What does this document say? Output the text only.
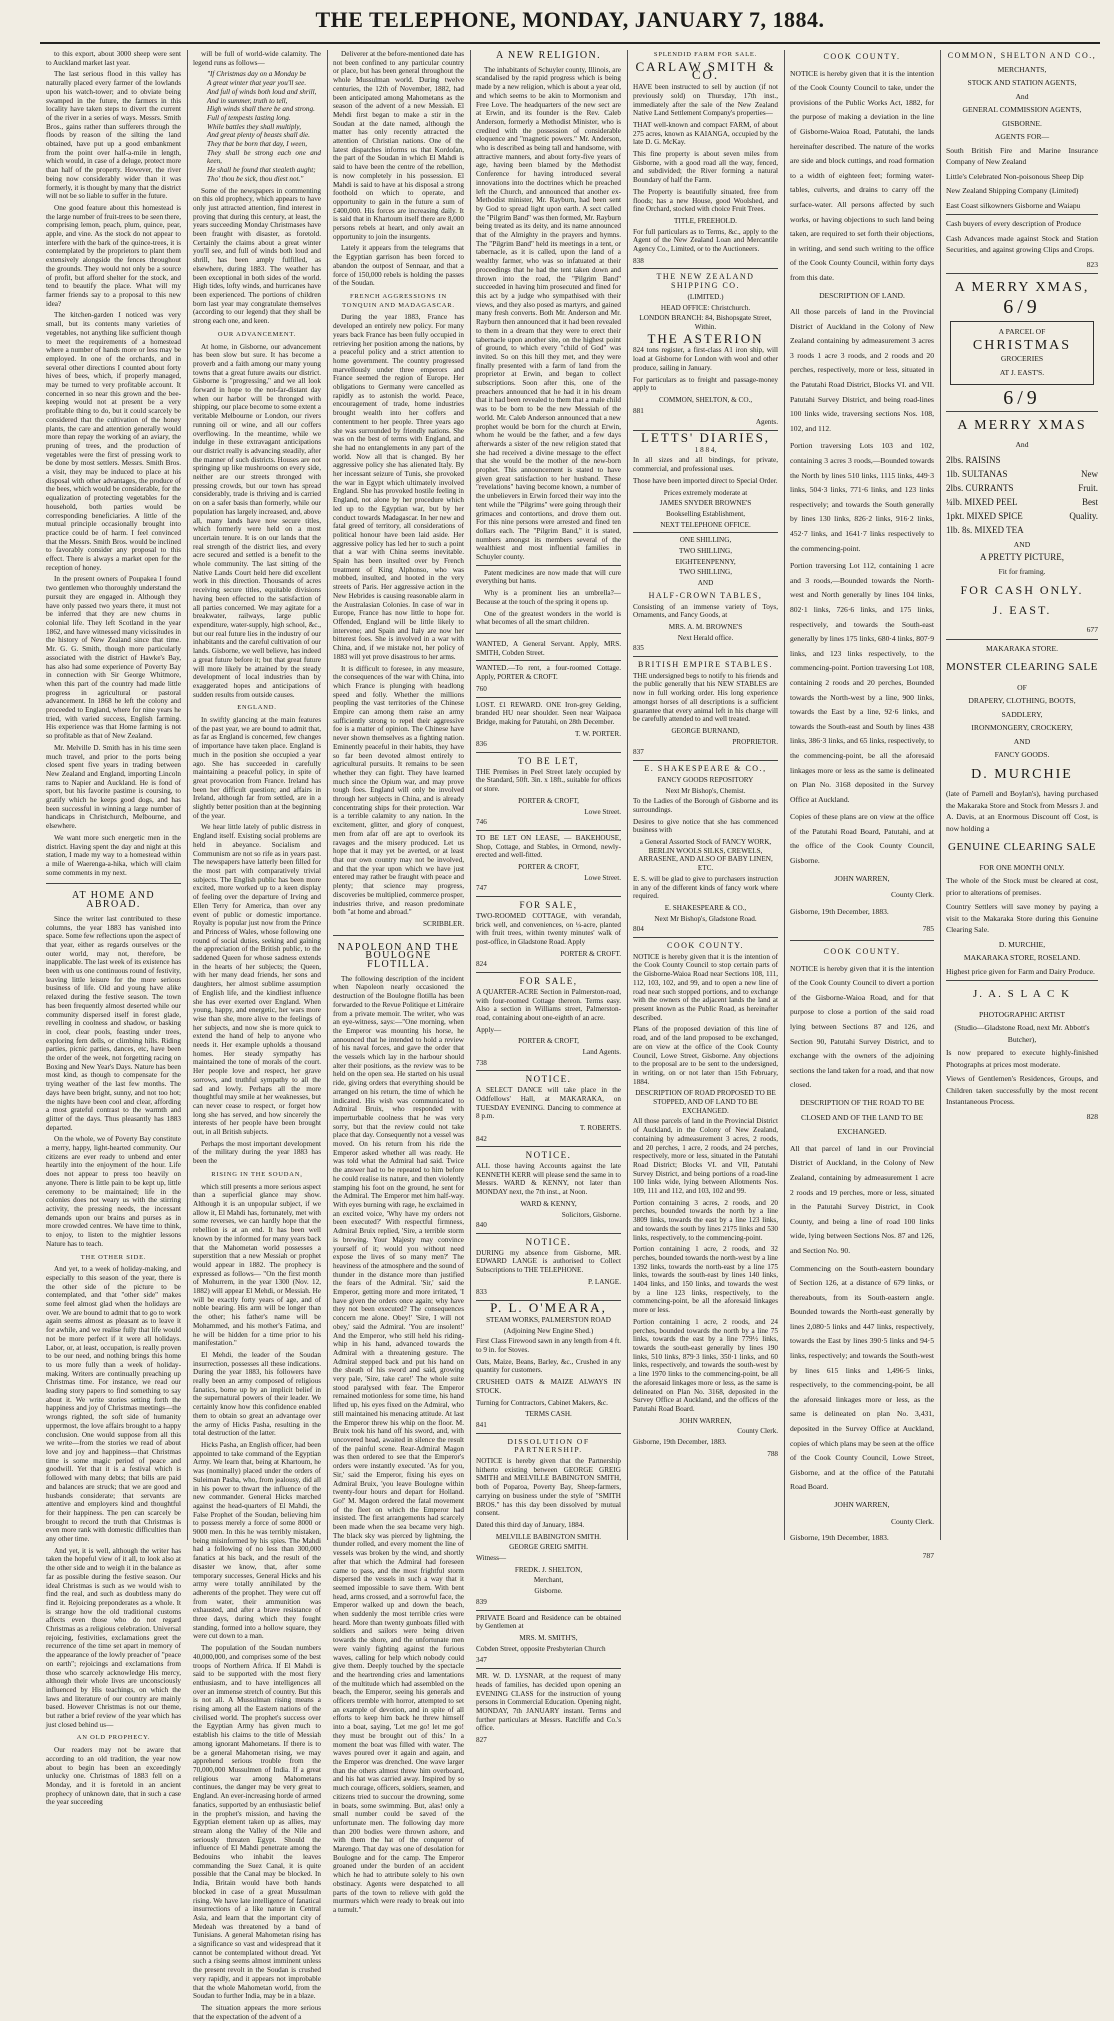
THE TELEPHONE, MONDAY, JANUARY 7, 1884.

to this export, about 3000 sheep were sent to Auckland market last year.

The last serious flood in this valley has naturally placed every farmer of the lowlands upon his watch-tower; and to obviate being swamped in the future, the farmers in this locality have taken steps to divert the current of the river in a series of ways. Messrs. Smith Bros., gains rather than sufferers through the floods by reason of the silting the land obtained, have put up a good embankment from the point over half-a-mile in length, which would, in case of a deluge, protect more than half of the property. However, the river being now considerably wider than it was formerly, it is thought by many that the district will not be so liable to suffer in the future.

One good feature about this homestead is the large number of fruit-trees to be seen there, comprising lemon, peach, plum, quince, pear, apple, and vine. As the stock do not appear to interfere with the bark of the quince-trees, it is contemplated by the proprietors to plant them extensively alongside the fences throughout the grounds. They would not only be a source of profit, but afford shelter for the stock, and tend to beautify the place. What will my farmer friends say to a proposal to this new idea?

The kitchen-garden I noticed was very small, but its contents many varieties of vegetables, not anything like sufficient though to meet the requirements of a homestead where a number of hands more or less may be employed. In one of the orchards, and in several other directions I counted about forty hives of bees, which, if properly managed, may be turned to very profitable account. It concerned in so near this grown and the bee-keeping would not at present be a very profitable thing to do, but it could scarcely be considered that the cultivation of the honey plants, the care and attention generally would more than repay the working of an aviary, the pruning of trees, and the production of vegetables were the first of pressing work to be done by most settlers. Messrs. Smith Bros. a visit, they may be induced to place at his disposal with other advantages, the produce of the bees, which would be considerable, for the equalization of protecting vegetables for the household, both parties would be corresponding beneficiaries. A little of the mutual principle occasionally brought into practice could be of harm. I feel convinced that the Messrs. Smith Bros. would be inclined to favorably consider any proposal to this effect. There is always a market open for the reception of honey.

In the present owners of Poupakea I found two gentlemen who thoroughly understand the pursuit they are engaged in. Although they have only passed two years there, it must not be inferred that they are new chums in colonial life. They left Scotland in the year 1862, and have witnessed many vicissitudes in the history of New Zealand since that time. Mr. G. G. Smith, though more particularly associated with the district of Hawke's Bay, has also had some experience of Poverty Bay in connection with Sir George Whitmore, when this part of the country had made little progress in agricultural or pastoral advancement. In 1868 he left the colony and proceeded to England, where for nine years he tried, with varied success, English farming. His experience was that Home farming is not so profitable as that of New Zealand.

Mr. Melville D. Smith has in his time seen much travel, and prior to the ports being closed spent five years in trading between New Zealand and England, importing Lincoln rams to Napier and Auckland. He is fond of sport, but his favorite pastime is coursing, to gratify which he keeps good dogs, and has been successful in winning a large number of handicaps in Christchurch, Melbourne, and elsewhere.

We want more such energetic men in the district. Having spent the day and night at this station, I made my way to a homestead within a mile of Waerenga-a-hika, which will claim some comments in my next.

AT HOME AND ABROAD.

Since the writer last contributed to these columns, the year 1883 has vanished into space. Some few reflections upon the aspect of that year, either as regards ourselves or the outer world, may not, therefore, be inapplicable. The last week of its existence has been with us one continuous round of festivity, leaving little leisure for the more serious business of life. Old and young have alike relaxed during the festive season. The town has been frequently almost deserted while our community dispersed itself in forest glade, revelling in coolness and shadow, or basking in cool, clear pools, feasting under trees, exploring fern dells, or climbing hills. Riding parties, picnic parties, dances, etc, have been the order of the week, not forgetting racing on Boxing and New Year's Days. Nature has been most kind, as though to compensate for the trying weather of the last few months. The days have been bright, sunny, and not too hot; the nights have been cool and clear, affording a most grateful contrast to the warmth and glitter of the days. Thus pleasantly has 1883 departed.

On the whole, we of Poverty Bay constitute a merry, happy, light-hearted community. Our citizens are ever ready to unbend and enter heartily into the enjoyment of the hour. Life does not appear to press too heavily on anyone. There is little pain to be kept up, little ceremony to be maintained; life in the colonies does not weary us with the stirring activity, the pressing needs, the incessant demands upon our brains and purses as in more crowded centres. We have time to think, to enjoy, to listen to the mightier lessons Nature has to teach.

THE OTHER SIDE.

And yet, to a week of holiday-making, and especially to this season of the year, there is the other side of the picture to be contemplated, and that "other side" makes some feel almost glad when the holidays are over. We are bound to admit that to go to work again seems almost as pleasant as to leave it for awhile, and we realise fully that life would not be more perfect if it were all holidays. Labor, or, at least, occupation, is really proven to be our need, and nothing brings this home to us more fully than a week of holiday-making. Writers are continually preaching up Christmas time. For instance, we read our leading story papers to find something to say about it. We write stories setting forth the happiness and joy of Christmas meetings—the wrongs righted, the soft side of humanity uppermost, the love affairs brought to a happy conclusion. One would suppose from all this we write—from the stories we read of about love and joy and happiness—that Christmas time is some magic period of peace and goodwill. Yet that it is a festival which is followed with many debts; that bills are paid and balances are struck; that we are good and husbands considerate; that servants are attentive and employers kind and thoughtful for their happiness. The pen can scarcely be brought to record the truth that Christmas is even more rank with domestic difficulties than any other time.

And yet, it is well, although the writer has taken the hopeful view of it all, to look also at the other side and to weigh it in the balance as far as possible during the festive season. Our ideal Christmas is such as we would wish to find the real, and such as doubtless many do find it. Rejoicing preponderates as a whole. It is strange how the old traditional customs affects even those who do not regard Christmas as a religious celebration. Universal rejoicing, festivities, exclamations greet the recurrence of the time set apart in memory of the appearance of the lowly preacher of "peace on earth"; rejoicings and exclamations from those who scarcely acknowledge His mercy, although their whole lives are unconsciously influenced by His teachings, on which the laws and literature of our country are mainly based. However Christmas is not our theme, but rather a brief review of the year which has just closed behind us—

AN OLD PROPHECY.

Our readers may not be aware that according to an old tradition, the year now about to begin has been an exceedingly unlucky one. Christmas of 1883 fell on a Monday, and it is foretold in an ancient prophecy of unknown date, that in such a case the year succeeding

will be full of world-wide calamity. The legend runs as follows—

"If Christmas day on a Monday be
A great winter that year you'll see.
And full of winds both loud and shrill,
And in summer, truth to tell,
High winds shall there be and strong.
Full of tempests lasting long.
While battles they shall multiply,
And great plenty of beasts shall die.
They that be born that day, I ween,
They shall be strong each one and keen,
He shall be found that stealeth aught;
Tho' thou be sick, thou diest not."

Some of the newspapers in commenting on this old prophecy, which appears to have only just attracted attention, find interest in proving that during this century, at least, the years succeeding Monday Christmases have been fraught with disaster, as foretold. Certainly the claims about a great winter you'll see, and full of winds both loud and shrill, has been amply fulfilled, as elsewhere, during 1883. The weather has been exceptional in both sides of the world. High tides, lofty winds, and hurricanes have been experienced. The portions of children born last year may congratulate themselves (according to our legend) that they shall be strong each one, and keen.

OUR ADVANCEMENT.

At home, in Gisborne, our advancement has been slow but sure. It has become a proverb and a faith among our many young towns that a great future awaits our district. Gisborne is "progressing," and we all look forward in hope to the not-far-distant day when our harbor will be thronged with shipping, our place become to some extent a veritable Melbourne or London, our rivers running oil or wine, and all our coffers overflowing. In the meantime, while we indulge in these extravagant anticipations our district really is advancing steadily, after the manner of such districts. Houses are not springing up like mushrooms on every side, neither are our streets thronged with pressing crowds, but our town has spread considerably, trade is thriving and is carried on on a safer basis than formerly, while our population has largely increased, and, above all, many lands have now secure titles, which formerly were held on a most uncertain tenure. It is on our lands that the real strength of the district lies, and every acre secured and settled is a benefit to the whole community. The last sitting of the Native Lands Court held here did excellent work in this direction. Thousands of acres receiving secure titles, equitable divisions having been effected to the satisfaction of all parties concerned. We may agitate for a breakwater, railways, large public expenditure, water-supply, high school, &c., but our real future lies in the industry of our inhabitants and the careful cultivation of our lands. Gisborne, we well believe, has indeed a great future before it; but that great future will more likely be attained by the steady development of local industries than by exaggerated hopes and anticipations of sudden results from outside causes.

ENGLAND.

In swiftly glancing at the main features of the past year, we are bound to admit that, as far as England is concerned, few changes of importance have taken place. England is much in the position she occupied a year ago. She has succeeded in carefully maintaining a peaceful policy, in spite of great provocation from France. Ireland has been her difficult question; and affairs in Ireland, although far from settled, are in a slightly better position than at the beginning of the year.

We hear little lately of public distress in England itself. Existing social problems are held in abeyance. Socialism and Communism are not so rife as in years past. The newspapers have latterly been filled for the most part with comparatively trivial subjects. The English public has been more excited, more worked up to a keen display of feeling over the departure of Irving and Ellen Terry for America, than over any event of public or domestic importance. Royalty is popular just now from the Prince and Princess of Wales, whose following one round of social duties, seeking and gaining the appreciation of the British public, to the saddened Queen for whose sadness extends in the hearts of her subjects; the Queen, with her many dead friends, her sons and daughters, her almost sublime assumption of English life, and the kindliest influence she has ever exerted over England. When young, happy, and energetic, her wars more wise than she, more alive to the feelings of her subjects, and now she is more quick to extend the hand of help to anyone who needs it. Her example upholds a thousand homes. Her steady sympathy has maintained the tone of morals of the court. Her people love and respect, her grave sorrows, and truthful sympathy to all the sad and lowly. Perhaps all the more thoughtful may smile at her weaknesses, but can never cease to respect, or forget how long she has served, and how sincerely the interests of her people have been brought out, in all British subjects.

Perhaps the most important development of the military during the year 1883 has been the

RISING IN THE SOUDAN,

which still presents a more serious aspect than a superficial glance may show. Although it is an unpopular subject, if we allow it, El Mahdi has, fortunately, met with some reverses, we can hardly hope that the rebellion is at an end. It has been well known by the informed for many years back that the Mahometan world possesses a superstition that a new Messiah or prophet would appear in 1882. The prophecy is expressed as follows— "On the first month of Mohurrem, in the year 1300 (Nov. 12, 1882) will appear El Mehdi, or Messiah. He will be exactly forty years of age, and of noble bearing. His arm will be longer than the other; his father's name will be Mohammed, and his mother's Fatima, and he will be hidden for a time prior to his manifestation."

El Mehdi, the leader of the Soudan insurrection, possesses all these indications. During the year 1883, his followers have really been an army composed of religious fanatics, borne up by an implicit belief in the supernatural powers of their leader. We certainly know how this confidence enabled them to obtain so great an advantage over the army of Hicks Pasha, resulting in the total destruction of the latter.

Hicks Pasha, an English officer, had been appointed to take command of the Egyptian Army. We learn that, being at Khartoum, he was (nominally) placed under the orders of Suleiman Pasha, who, from jealousy, did all in his power to thwart the influence of the new commander. General Hicks marched against the head-quarters of El Mahdi, the False Prophet of the Soudan, believing him to possess merely a force of some 8000 or 9000 men. In this he was terribly mistaken, being misinformed by his spies. The Mahdi had a following of no less than 300,000 fanatics at his back, and the result of the disaster we know, that, after some temporary successes, General Hicks and his army were totally annihilated by the adherents of the prophet. They were cut off from water, their ammunition was exhausted, and after a brave resistance of three days, during which they fought standing, formed into a hollow square, they were cut down to a man.

The population of the Soudan numbers 40,000,000, and comprises some of the best troops of Northern Africa. If El Mahdi is said to be supported with the most fiery enthusiasm, and to have intelligences all over an immense stretch of country. But this is not all. A Mussulman rising means a rising among all the Eastern nations of the civilised world. The prophet's success over the Egyptian Army has given much to establish his claims to the title of Messiah among ignorant Mahometans. If there is to be a general Mahometan rising, we may apprehend serious trouble from the 70,000,000 Mussulmen of India. If a great religious war among Mahometans continues, the danger may be very great to England. An ever-increasing horde of armed fanatics, supported by an enthusiastic belief in the prophet's mission, and having the Egyptian element taken up as allies, may stream along the Valley of the Nile and seriously threaten Egypt. Should the influence of El Mahdi penetrate among the Bedouins who inhabit the leaves commanding the Suez Canal, it is quite possible that the Canal may be blocked. In India, Britain would have both hands blocked in case of a great Mussulman rising. We have late intelligence of fanatical insurrections of a like nature in Central Asia, and learn that the important city of Medeah was threatened by a band of Tunisians. A general Mahometan rising has a significance so vast and widespread that it cannot be contemplated without dread. Yet such a rising seems almost imminent unless the present revolt in the Soudan is crushed very rapidly, and it appears not improbable that the whole Mahometan world, from the Soudan to further India, may be in a blaze.

The situation appears the more serious that the expectation of the advent of a

Deliverer at the before-mentioned date has not been confined to any particular country or place, but has been general throughout the whole Mussulman world. During twelve centuries, the 12th of November, 1882, had been anticipated among Mahometans as the season of the advent of a new Messiah. El Mehdi first began to make a stir in the Soudan at the date named, although the matter has only recently attracted the attention of Christian nations. One of the latest dispatches informs us that Kordofan, the part of the Soudan in which El Mahdi is said to have been the centre of the rebellion, is now completely in his possession. El Mahdi is said to have at his disposal a strong foothold on which to operate, and opportunity to gain in the future a sum of £400,000. His forces are increasing daily. It is said that in Khartoum itself there are 8,000 persons rebels at heart, and only await an opportunity to join the insurgents.

Lately it appears from the telegrams that the Egyptian garrison has been forced to abandon the outpost of Sennaar, and that a force of 150,000 rebels is holding the passes of the Soudan.

FRENCH AGGRESSIONS IN TONQUIN AND MADAGASCAR.

During the year 1883, France has developed an entirely new policy. For many years back France has been fully occupied in retrieving her position among the nations, by a peaceful policy and a strict attention to home government. The country progressed marvellously under three emperors and France seemed the region of Europe. Her obligations to Germany were cancelled as rapidly as to astonish the world. Peace, encouragement of trade, home industries brought wealth into her coffers and contentment to her people. Three years ago she was surrounded by friendly nations. She was on the best of terms with England, and she had no entanglements in any part of the world. Now all that is changed. By her aggressive policy she has alienated Italy. By her incessant seizure of Tunis, she provoked the war in Egypt which ultimately involved England. She has provoked hostile feeling in England, not alone by her procedure which led up to the Egyptian war, but by her conduct towards Madagascar. In her new and fatal greed of territory, all considerations of political honour have been laid aside. Her aggressive policy has led her to such a point that a war with China seems inevitable. Spain has been insulted over by French treatment of King Alphonso, who was mobbed, insulted, and hooted in the very streets of Paris. Her aggressive action in the New Hebrides is causing reasonable alarm in the Australasian Colonies. In case of war in Europe, France has now little to hope for. Offended, England will be little likely to intervene; and Spain and Italy are now her bitterest foes. She is involved in a war with China, and, if we mistake not, her policy of 1883 will yet prove disastrous to her arms.

It is difficult to foresee, in any measure, the consequences of the war with China, into which France is plunging with headlong speed and folly. Whether the millions peopling the vast territories of the Chinese Empire can among them raise an army sufficiently strong to repel their aggressive foe is a matter of opinion. The Chinese have never shown themselves as a fighting nation. Eminently peaceful in their habits, they have so far been devoted almost entirely to agricultural pursuits. It remains to be seen whether they can fight. They have learned much since the Opium war, and may prove tough foes. England will only be involved through her subjects in China, and is already concentrating ships for their protection. War is a terrible calamity to any nation. In the excitement, glitter, and glory of conquest, men from afar off are apt to overlook its ravages and the misery produced. Let us hope that it may yet be averted, or at least that our own country may not be involved, and that the year upon which we have just entered may rather be fraught with peace and plenty; that science may progress, discoveries be multiplied, commerce prosper, industries thrive, and reason predominate both "at home and abroad."

SCRIBBLER.

NAPOLEON AND THE BOULOGNE FLOTILLA.

The following description of the incident when Napoleon nearly occasioned the destruction of the Boulogne flotilla has been forwarded to the Revue Politique et Littéraire from a private memoir. The writer, who was an eye-witness, says:—"One morning, when the Emperor was mounting his horse, he announced that he intended to hold a review of his naval forces, and gave the order that the vessels which lay in the harbour should alter their positions, as the review was to be held on the open sea. He started on his usual ride, giving orders that everything should be arranged on his return, the time of which he indicated. His wish was communicated to Admiral Bruix, who responded with imperturbable coolness that he was very sorry, but that the review could not take place that day. Consequently not a vessel was moved. On his return from his ride the Emperor asked whether all was ready. He was told what the Admiral had said. Twice the answer had to be repeated to him before he could realise its nature, and then violently stamping his foot on the ground, he sent for the Admiral. The Emperor met him half-way. With eyes burning with rage, he exclaimed in an excited voice, 'Why have my orders not been executed?' With respectful firmness, Admiral Bruix replied, 'Sire, a terrible storm is brewing. Your Majesty may convince yourself of it; would you without need expose the lives of so many men?' The heaviness of the atmosphere and the sound of thunder in the distance more than justified the fears of the Admiral. 'Sir,' said the Emperor, getting more and more irritated, 'I have given the orders once again; why have they not been executed? The consequences concern me alone. Obey!' 'Sire, I will not obey,' said the Admiral. 'You are insolent!' And the Emperor, who still held his riding-whip in his hand, advanced towards the Admiral with a threatening gesture. The Admiral stepped back and put his hand on the sheath of his sword and said, growing very pale, 'Sire, take care!' The whole suite stood paralysed with fear. The Emperor remained motionless for some time, his hand lifted up, his eyes fixed on the Admiral, who still maintained his menacing attitude. At last the Emperor threw his whip on the floor. M. Bruix took his hand off his sword, and, with uncovered head, awaited in silence the result of the painful scene. Rear-Admiral Magon was then ordered to see that the Emperor's orders were instantly executed. 'As for you, Sir,' said the Emperor, fixing his eyes on Admiral Bruix, 'you leave Boulogne within twenty-four hours and depart for Holland. Go!' M. Magon ordered the fatal movement of the fleet on which the Emperor had insisted. The first arrangements had scarcely been made when the sea became very high. The black sky was pierced by lightning, the thunder rolled, and every moment the line of vessels was broken by the wind, and shortly after that which the Admiral had foreseen came to pass, and the most frightful storm dispersed the vessels in such a way that it seemed impossible to save them. With bent head, arms crossed, and a sorrowful face, the Emperor walked up and down the beach, when suddenly the most terrible cries were heard. More than twenty gunboats filled with soldiers and sailors were being driven towards the shore, and the unfortunate men were vainly fighting against the furious waves, calling for help which nobody could give them. Deeply touched by the spectacle and the heartrending cries and lamentations of the multitude which had assembled on the beach, the Emperor, seeing his generals and officers tremble with horror, attempted to set an example of devotion, and in spite of all efforts to keep him back he threw himself into a boat, saying, 'Let me go! let me go! they must be brought out of this.' In a moment the boat was filled with water. The waves poured over it again and again, and the Emperor was drenched. One wave larger than the others almost threw him overboard, and his hat was carried away. Inspired by so much courage, officers, soldiers, seamen, and citizens tried to succour the drowning, some in boats, some swimming. But, alas! only a small number could be saved of the unfortunate men. The following day more than 200 bodies were thrown ashore, and with them the hat of the conqueror of Marengo. That day was one of desolation for Boulogne and for the camp. The Emperor groaned under the burden of an accident which he had to attribute solely to his own obstinacy. Agents were despatched to all parts of the town to relieve with gold the murmurs which were ready to break out into a tumult."

A NEW RELIGION.

The inhabitants of Schuyler county, Illinois, are scandalised by the rapid progress which is being made by a new religion, which is about a year old, and which seems to be akin to Mormonism and Free Love. The headquarters of the new sect are at Erwin, and its founder is the Rev. Caleb Anderson, formerly a Methodist Minister, who is credited with the possession of considerable eloquence and "magnetic powers." Mr. Anderson, who is described as being tall and handsome, with attractive manners, and about forty-five years of age, having been blamed by the Methodist Conference for having introduced several innovations into the doctrines which he preached left the Church, and announced that another ex-Methodist minister, Mr. Rayburn, had been sent by God to spread light upon earth. A sect called the "Pilgrim Band" was then formed, Mr. Rayburn being treated as its deity, and its name announced that of the Almighty in the prayers and hymns. The "Pilgrim Band" held its meetings in a tent, or tabernacle, as it is called, upon the land of a wealthy farmer, who was so infatuated at their proceedings that he had the tent taken down and thrown into the road, the "Pilgrim Band" succeeded in having him prosecuted and fined for this act by a judge who sympathised with their views, and they also posed as martyrs, and gained many fresh converts. Both Mr. Anderson and Mr. Rayburn then announced that it had been revealed to them in a dream that they were to erect their tabernacle upon another site, on the highest point of ground, to which every "child of God" was invited. So on this hill they met, and they were finally presented with a farm of land from the proprietor at Erwin, and began to collect subscriptions. Soon after this, one of the preachers announced that he had it in his dream that it had been revealed to them that a male child was to be born to be the new Messiah of the world. Mr. Caleb Anderson announced that a new prophet would be born for the church at Erwin, whom he would be the father, and a few days afterwards a sister of the new religion stated that she had received a divine message to the effect that she would be the mother of the new-born prophet. This announcement is stated to have given great satisfaction to her husband. These "revelations" having become known, a number of the unbelievers in Erwin forced their way into the tent while the "Pilgrims" were going through their grimaces and contortions, and drove them out. For this nine persons were arrested and fined ten dollars each. The "Pilgrim Band," it is stated, numbers amongst its members several of the wealthiest and most influential families in Schuyler county.

Patent medicines are now made that will cure everything but hams.

Why is a prominent lies an umbrella?—Because at the touch of the spring it opens up.

One of the greatest wonders in the world is what becomes of all the smart children.

WANTED, A General Servant. Apply, MRS. SMITH, Cobden Street.

WANTED.—To rent, a four-roomed Cottage. Apply, PORTER & CROFT.

760

LOST. £1 REWARD. ONE Iron-grey Gelding, branded HU near shoulder. Seen near Waipaoa Bridge, making for Patutahi, on 28th December.

T. W. PORTER.

836

TO BE LET,

THE Premises in Peel Street lately occupied by the Standard, 50ft. 3in. x 18ft., suitable for offices or store.

PORTER & CROFT,

Lowe Street.

746

TO BE LET ON LEASE, — BAKEHOUSE, Shop, Cottage, and Stables, in Ormond, newly-erected and well-fitted.

PORTER & CROFT,

Lowe Street.

747

FOR SALE,

TWO-ROOMED COTTAGE, with verandah, brick well, and conveniences, on ¼-acre, planted with fruit trees, within twenty minutes' walk of post-office, in Gladstone Road. Apply

PORTER & CROFT.

824

FOR SALE,

A QUARTER-ACRE Section in Palmerston-road, with four-roomed Cottage thereon. Terms easy. Also a section in Williams street, Palmerston-road, containing about one-eighth of an acre.

Apply—

PORTER & CROFT,

Land Agents.

738

NOTICE.

A SELECT DANCE will take place in the Oddfellows' Hall, at MAKARAKA, on TUESDAY EVENING. Dancing to commence at 8 p.m.

T. ROBERTS.

842

NOTICE.

ALL those having Accounts against the late KENNETH KERR will please send the same in to Messrs. WARD & KENNY, not later than MONDAY next, the 7th inst., at Noon.

WARD & KENNY,

Solicitors, Gisborne.

840

NOTICE.

DURING my absence from Gisborne, MR. EDWARD LANGE is authorised to Collect Subscriptions to THE TELEPHONE.

P. LANGE.

833

P. L. O'MEARA,

STEAM WORKS, PALMERSTON ROAD

(Adjoining New Engine Shed.)

First Class Firewood sawn in any length from 4 ft. to 9 in. for Stoves.

Oats, Maize, Beans, Barley, &c., Crushed in any quantity for customers.

CRUSHED OATS & MAIZE ALWAYS IN STOCK.

Turning for Contractors, Cabinet Makers, &c.

TERMS CASH.

841

DISSOLUTION OF PARTNERSHIP.

NOTICE is hereby given that the Partnership hitherto existing between GEORGE GREIG SMITH and MELVILLE BABINGTON SMITH, both of Poparoa, Poverty Bay, Sheep-farmers, carrying on business under the style of "SMITH BROS." has this day been dissolved by mutual consent.

Dated this third day of January, 1884.

MELVILLE BABINGTON SMITH.

GEORGE GREIG SMITH.

Witness—

FREDK. J. SHELTON,

Merchant,

Gisborne.

839

PRIVATE Board and Residence can be obtained by Gentlemen at

MRS. M. SMITH'S,

Cobden Street, opposite Presbyterian Church

347

MR. W. D. LYSNAR, at the request of many heads of families, has decided upon opening an EVENING CLASS for the instruction of young persons in Commercial Education. Opening night, MONDAY, 7th JANUARY instant. Terms and further particulars at Messrs. Ratcliffe and Co.'s office.

827

SPLENDID FARM FOR SALE.
CARLAW SMITH & CO.

HAVE been instructed to sell by auction (if not previously sold) on Thursday, 17th inst., immediately after the sale of the New Zealand Native Land Settlement Company's properties—

THAT well-known and compact FARM, of about 275 acres, known as KAIANGA, occupied by the late D. G. McKay.

This fine property is about seven miles from Gisborne, with a good road all the way, fenced, and subdivided; the River forming a natural Boundary of half the Farm.

The Property is beautifully situated, free from floods; has a new House, good Woolshed, and fine Orchard, stocked with choice Fruit Trees.

TITLE, FREEHOLD.

For full particulars as to Terms, &c., apply to the Agent of the New Zealand Loan and Mercantile Agency Co., Limited, or to the Auctioneers.

838

THE NEW ZEALAND SHIPPING CO.

(LIMITED.)

HEAD OFFICE: Christchurch.

LONDON BRANCH: 84, Bishopsgate Street, Within.

THE ASTERION

824 tons register, a first-class A1 iron ship, will load at Gisborne for London with wool and other produce, sailing in January.

For particulars as to freight and passage-money apply to

COMMON, SHELTON, & CO.,

881

Agents.

LETTS' DIARIES,

1 8 8 4,

In all sizes and all bindings, for private, commercial, and professional uses.

Those have been imported direct to Special Order.

Prices extremely moderate at

JAMES SNYDER BROWNE'S

Bookselling Establishment,

NEXT TELEPHONE OFFICE.

ONE SHILLING,

TWO SHILLING,

EIGHTEENPENNY,

TWO SHILLING,

AND

HALF-CROWN TABLES,

Consisting of an immense variety of Toys, Ornaments, and Fancy Goods, at

MRS. A. M. BROWNE'S

Next Herald office.

835

BRITISH EMPIRE STABLES.

THE undersigned begs to notify to his friends and the public generally that his NEW STABLES are now in full working order. His long experience amongst horses of all descriptions is a sufficient guarantee that every animal left in his charge will be carefully attended to and well treated.

GEORGE BURNAND,

PROPRIETOR.

837

E. SHAKESPEARE & CO.,

FANCY GOODS REPOSITORY

Next Mr Bishop's, Chemist.

To the Ladies of the Borough of Gisborne and its surroundings.

Desires to give notice that she has commenced business with

a General Assorted Stock of FANCY WORK, BERLIN WOOLS SILKS, CREWELS, ARRASENE, AND ALSO OF BABY LINEN, ETC.

E. S. will be glad to give to purchasers instruction in any of the different kinds of fancy work where required.

E. SHAKESPEARE & CO.,

Next Mr Bishop's, Gladstone Road.

804

COOK COUNTY.

NOTICE is hereby given that it is the intention of the Cook County Council to stop certain parts of the Gisborne-Waioa Road near Sections 108, 111, 112, 103, 102, and 99, and to open a new line of road near such stopped portions, and to exchange with the owners of the adjacent lands the land at present known as the Public Road, as hereinafter described.

Plans of the proposed deviation of this line of road, and of the land proposed to be exchanged, are on view at the office of the Cook County Council, Lowe Street, Gisborne. Any objections to the proposal are to be sent to the undersigned, in writing, on or not later than 15th February, 1884.

DESCRIPTION OF ROAD PROPOSED TO BE STOPPED, AND OF LAND TO BE EXCHANGED.

All those parcels of land in the Provincial District of Auckland, in the Colony of New Zealand, containing by admeasurement 3 acres, 2 roods, and 20 perches, 1 acre, 2 roods, and 24 perches, respectively, more or less, situated in the Patutahi Road District; Blocks VI. and VII, Patutahi Survey District, and being portions of a road-line 100 links wide, lying between Allotments Nos. 109, 111 and 112, and 103, 102 and 99.

Portion containing 3 acres, 2 roods, and 20 perches, bounded towards the north by a line 3809 links, towards the east by a line 123 links, and towards the south by lines 2175 links and 530 links, respectively, to the commencing-point.

Portion containing 1 acre, 2 roods, and 32 perches, bounded towards the north-west by a line 1392 links, towards the north-east by a line 175 links, towards the south-east by lines 140 links, 1404 links, and 150 links, and towards the west by a line 123 links, respectively, to the commencing-point, be all the aforesaid linkages more or less.

Portion containing 1 acre, 2 roods, and 24 perches, bounded towards the north by a line 75 links, towards the east by a line 779½ links, towards the south-east generally by lines 190 links, 510 links, 879·3 links, 350·1 links, and 60 links, respectively, and towards the south-west by a line 1970 links to the commencing-point, be all the aforesaid linkages more or less, as the same is delineated on Plan No. 3168, deposited in the Survey Office at Auckland, and the offices of the Patutahi Road Board.

JOHN WARREN,

County Clerk.

Gisborne, 19th December, 1883.

788

COOK COUNTY.

NOTICE is hereby given that it is the intention of the Cook County Council to take, under the provisions of the Public Works Act, 1882, for the purpose of making a deviation in the line of Gisborne-Waioa Road, Patutahi, the lands hereinafter described. The nature of the works are side and block cuttings, and road formation to a width of eighteen feet; forming water-tables, culverts, and drains to carry off the surface-water. All persons affected by such works, or having objections to such land being taken, are required to set forth their objections, in writing, and send such writing to the office of the Cook County Council, within forty days from this date.

DESCRIPTION OF LAND.

All those parcels of land in the Provincial District of Auckland in the Colony of New Zealand containing by admeasurement 3 acres 3 roods 1 acre 3 roods, and 2 roods and 20 perches, respectively, more or less, situated in the Patutahi Road District, Blocks VI. and VII. Patutahi Survey District, and being road-lines 100 links wide, traversing sections Nos. 108, 102, and 112.

Portion traversing Lots 103 and 102, containing 3 acres 3 roods,—Bounded towards the North by lines 510 links, 1115 links, 449·3 links, 504·3 links, 771·6 links, and 123 links respectively; and towards the South generally by lines 130 links, 826·2 links, 916·2 links, 452·7 links, and 1641·7 links respectively to the commencing-point.

Portion traversing Lot 112, containing 1 acre and 3 roods,—Bounded towards the North-west and North generally by lines 104 links, 802·1 links, 726·6 links, and 175 links, respectively, and towards the South-east generally by lines 175 links, 680·4 links, 807·9 links, and 123 links respectively, to the commencing-point. Portion traversing Lot 108, containing 2 roods and 20 perches, Bounded towards the North-west by a line, 900 links, towards the East by a line, 92·6 links, and towards the South-east and South by lines 438 links, 386·3 links, and 65 links, respectively, to the commencing-point, be all the aforesaid linkages more or less as the same is delineated on Plan No. 3168 deposited in the Survey Office at Auckland.

Copies of these plans are on view at the office of the Patutahi Road Board, Patutahi, and at the office of the Cook County Council, Gisborne.

JOHN WARREN,

County Clerk.

Gisborne, 19th December, 1883.

785

COOK COUNTY.

NOTICE is hereby given that it is the intention of the Cook County Council to divert a portion of the Gisborne-Waioa Road, and for that purpose to close a portion of the said road lying between Sections 87 and 126, and Section 90, Patutahi Survey District, and to exchange with the owners of the adjoining sections the land taken for a road, and that now closed.

DESCRIPTION OF THE ROAD TO BE CLOSED AND OF THE LAND TO BE EXCHANGED.

All that parcel of land in our Provincial District of Auckland, in the Colony of New Zealand, containing by admeasurement 1 acre 2 roods and 19 perches, more or less, situated in the Patutahi Survey District, in Cook County, and being a line of road 100 links wide, lying between Sections Nos. 87 and 126, and Section No. 90.

Commencing on the South-eastern boundary of Section 126, at a distance of 679 links, or thereabouts, from its South-eastern angle. Bounded towards the North-east generally by lines 2,080·5 links and 447 links, respectively, towards the East by lines 390·5 links and 94·5 links, respectively; and towards the South-west by lines 615 links and 1,496·5 links, respectively, to the commencing-point, be all the aforesaid linkages more or less, as the same is delineated on plan No. 3,431, deposited in the Survey Office at Auckland, copies of which plans may be seen at the office of the Cook County Council, Lowe Street, Gisborne, and at the office of the Patutahi Road Board.

JOHN WARREN,

County Clerk.

Gisborne, 19th December, 1883.

787

COMMON, SHELTON AND CO.,

MERCHANTS,

STOCK AND STATION AGENTS,

And

GENERAL COMMISSION AGENTS,

GISBORNE.

AGENTS FOR—

South British Fire and Marine Insurance Company of New Zealand

Little's Celebrated Non-poisonous Sheep Dip

New Zealand Shipping Company (Limited)

East Coast silkowners Gisborne and Waiapu

Cash buyers of every description of Produce

Cash Advances made against Stock and Station Securities, and against growing Clips and Crops.

823

A MERRY XMAS,
6/9
A PARCEL OF
CHRISTMAS
GROCERIES
AT J. EAST'S.
6/9
A MERRY XMAS

And

2lbs. RAISINS
1lb. SULTANAS	New
2lbs. CURRANTS	Fruit.
¼lb. MIXED PEEL	Best
1pkt. MIXED SPICE	Quality.
1lb. 8s. MIXED TEA

AND

A PRETTY PICTURE,

Fit for framing.

FOR CASH ONLY.
J. EAST.

677

MAKARAKA STORE.

MONSTER CLEARING SALE

OF

DRAPERY, CLOTHING, BOOTS,

SADDLERY,

IRONMONGERY, CROCKERY,

AND

FANCY GOODS.

D. MURCHIE

(late of Parnell and Boylan's), having purchased the Makaraka Store and Stock from Messrs J. and A. Davis, at an Enormous Discount off Cost, is now holding a

GENUINE CLEARING SALE

FOR ONE MONTH ONLY.

The whole of the Stock must be cleared at cost, prior to alterations of premises.

Country Settlers will save money by paying a visit to the Makaraka Store during this Genuine Clearing Sale.

D. MURCHIE,

MAKARAKA STORE, ROSELAND.

Highest price given for Farm and Dairy Produce.

J. A. S L A C K

PHOTOGRAPHIC ARTIST

(Studio—Gladstone Road, next Mr. Abbott's Butcher),

Is now prepared to execute highly-finished Photographs at prices most moderate.

Views of Gentlemen's Residences, Groups, and Children taken successfully by the most recent Instantaneous Process.

828
